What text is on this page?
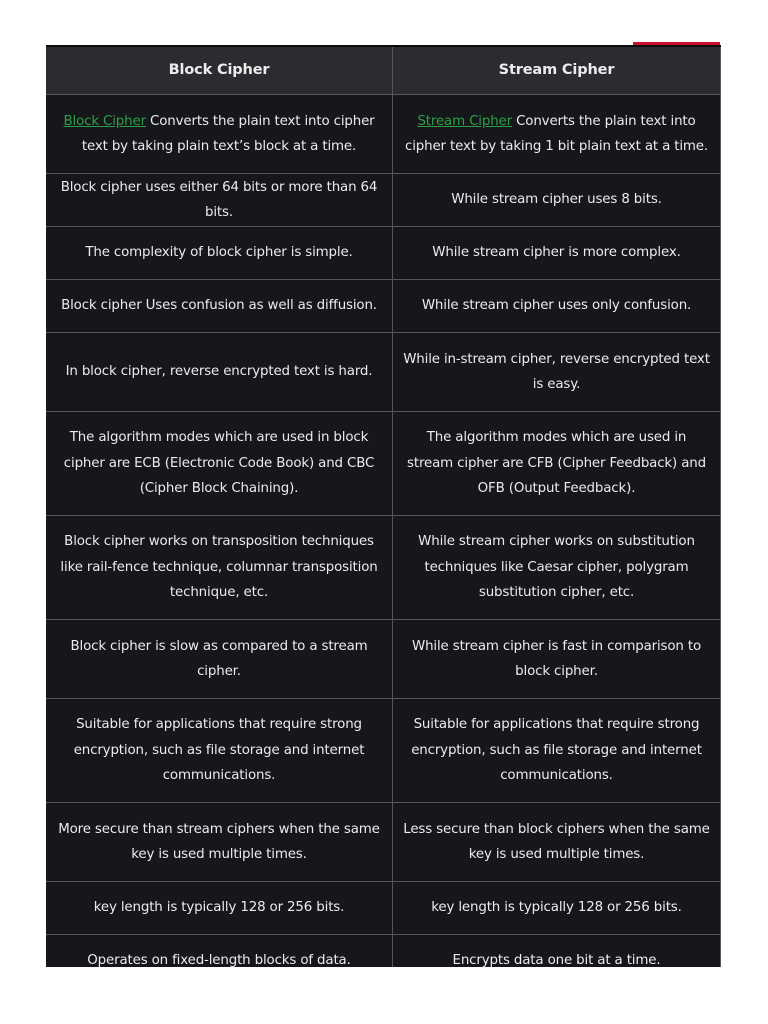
Block Cipher	Stream Cipher
Block Cipher Converts the plain text into cipher text by taking plain text’s block at a time.	Stream Cipher Converts the plain text into cipher text by taking 1 bit plain text at a time.
Block cipher uses either 64 bits or more than 64 bits.	While stream cipher uses 8 bits.
The complexity of block cipher is simple.	While stream cipher is more complex.
Block cipher Uses confusion as well as diffusion.	While stream cipher uses only confusion.
In block cipher, reverse encrypted text is hard.	While in-stream cipher, reverse encrypted text is easy.
The algorithm modes which are used in block cipher are ECB (Electronic Code Book) and CBC (Cipher Block Chaining).	The algorithm modes which are used in stream cipher are CFB (Cipher Feedback) and OFB (Output Feedback).
Block cipher works on transposition techniques like rail-fence technique, columnar transposition technique, etc.	While stream cipher works on substitution techniques like Caesar cipher, polygram substitution cipher, etc.
Block cipher is slow as compared to a stream cipher.	While stream cipher is fast in comparison to block cipher.
Suitable for applications that require strong encryption, such as file storage and internet communications.	Suitable for applications that require strong encryption, such as file storage and internet communications.
More secure than stream ciphers when the same key is used multiple times.	Less secure than block ciphers when the same key is used multiple times.
key length is typically 128 or 256 bits.	key length is typically 128 or 256 bits.
Operates on fixed-length blocks of data.	Encrypts data one bit at a time.
